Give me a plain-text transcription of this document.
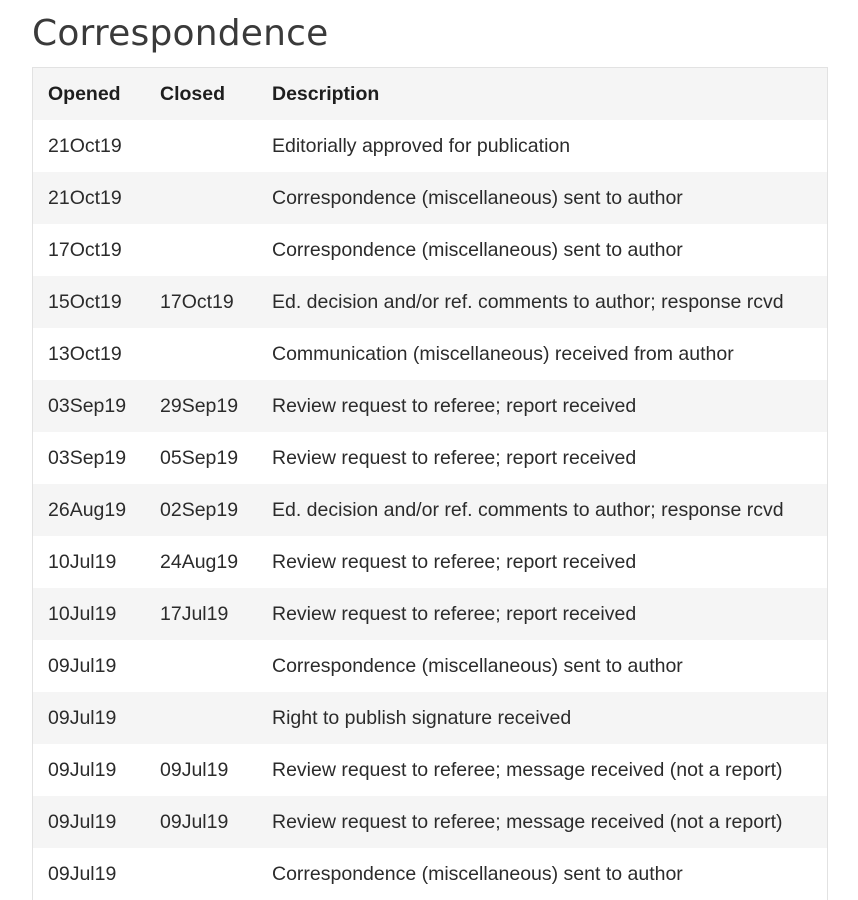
Correspondence
Opened	Closed	Description
21Oct19		Editorially approved for publication
21Oct19		Correspondence (miscellaneous) sent to author
17Oct19		Correspondence (miscellaneous) sent to author
15Oct19	17Oct19	Ed. decision and/or ref. comments to author; response rcvd
13Oct19		Communication (miscellaneous) received from author
03Sep19	29Sep19	Review request to referee; report received
03Sep19	05Sep19	Review request to referee; report received
26Aug19	02Sep19	Ed. decision and/or ref. comments to author; response rcvd
10Jul19	24Aug19	Review request to referee; report received
10Jul19	17Jul19	Review request to referee; report received
09Jul19		Correspondence (miscellaneous) sent to author
09Jul19		Right to publish signature received
09Jul19	09Jul19	Review request to referee; message received (not a report)
09Jul19	09Jul19	Review request to referee; message received (not a report)
09Jul19		Correspondence (miscellaneous) sent to author
